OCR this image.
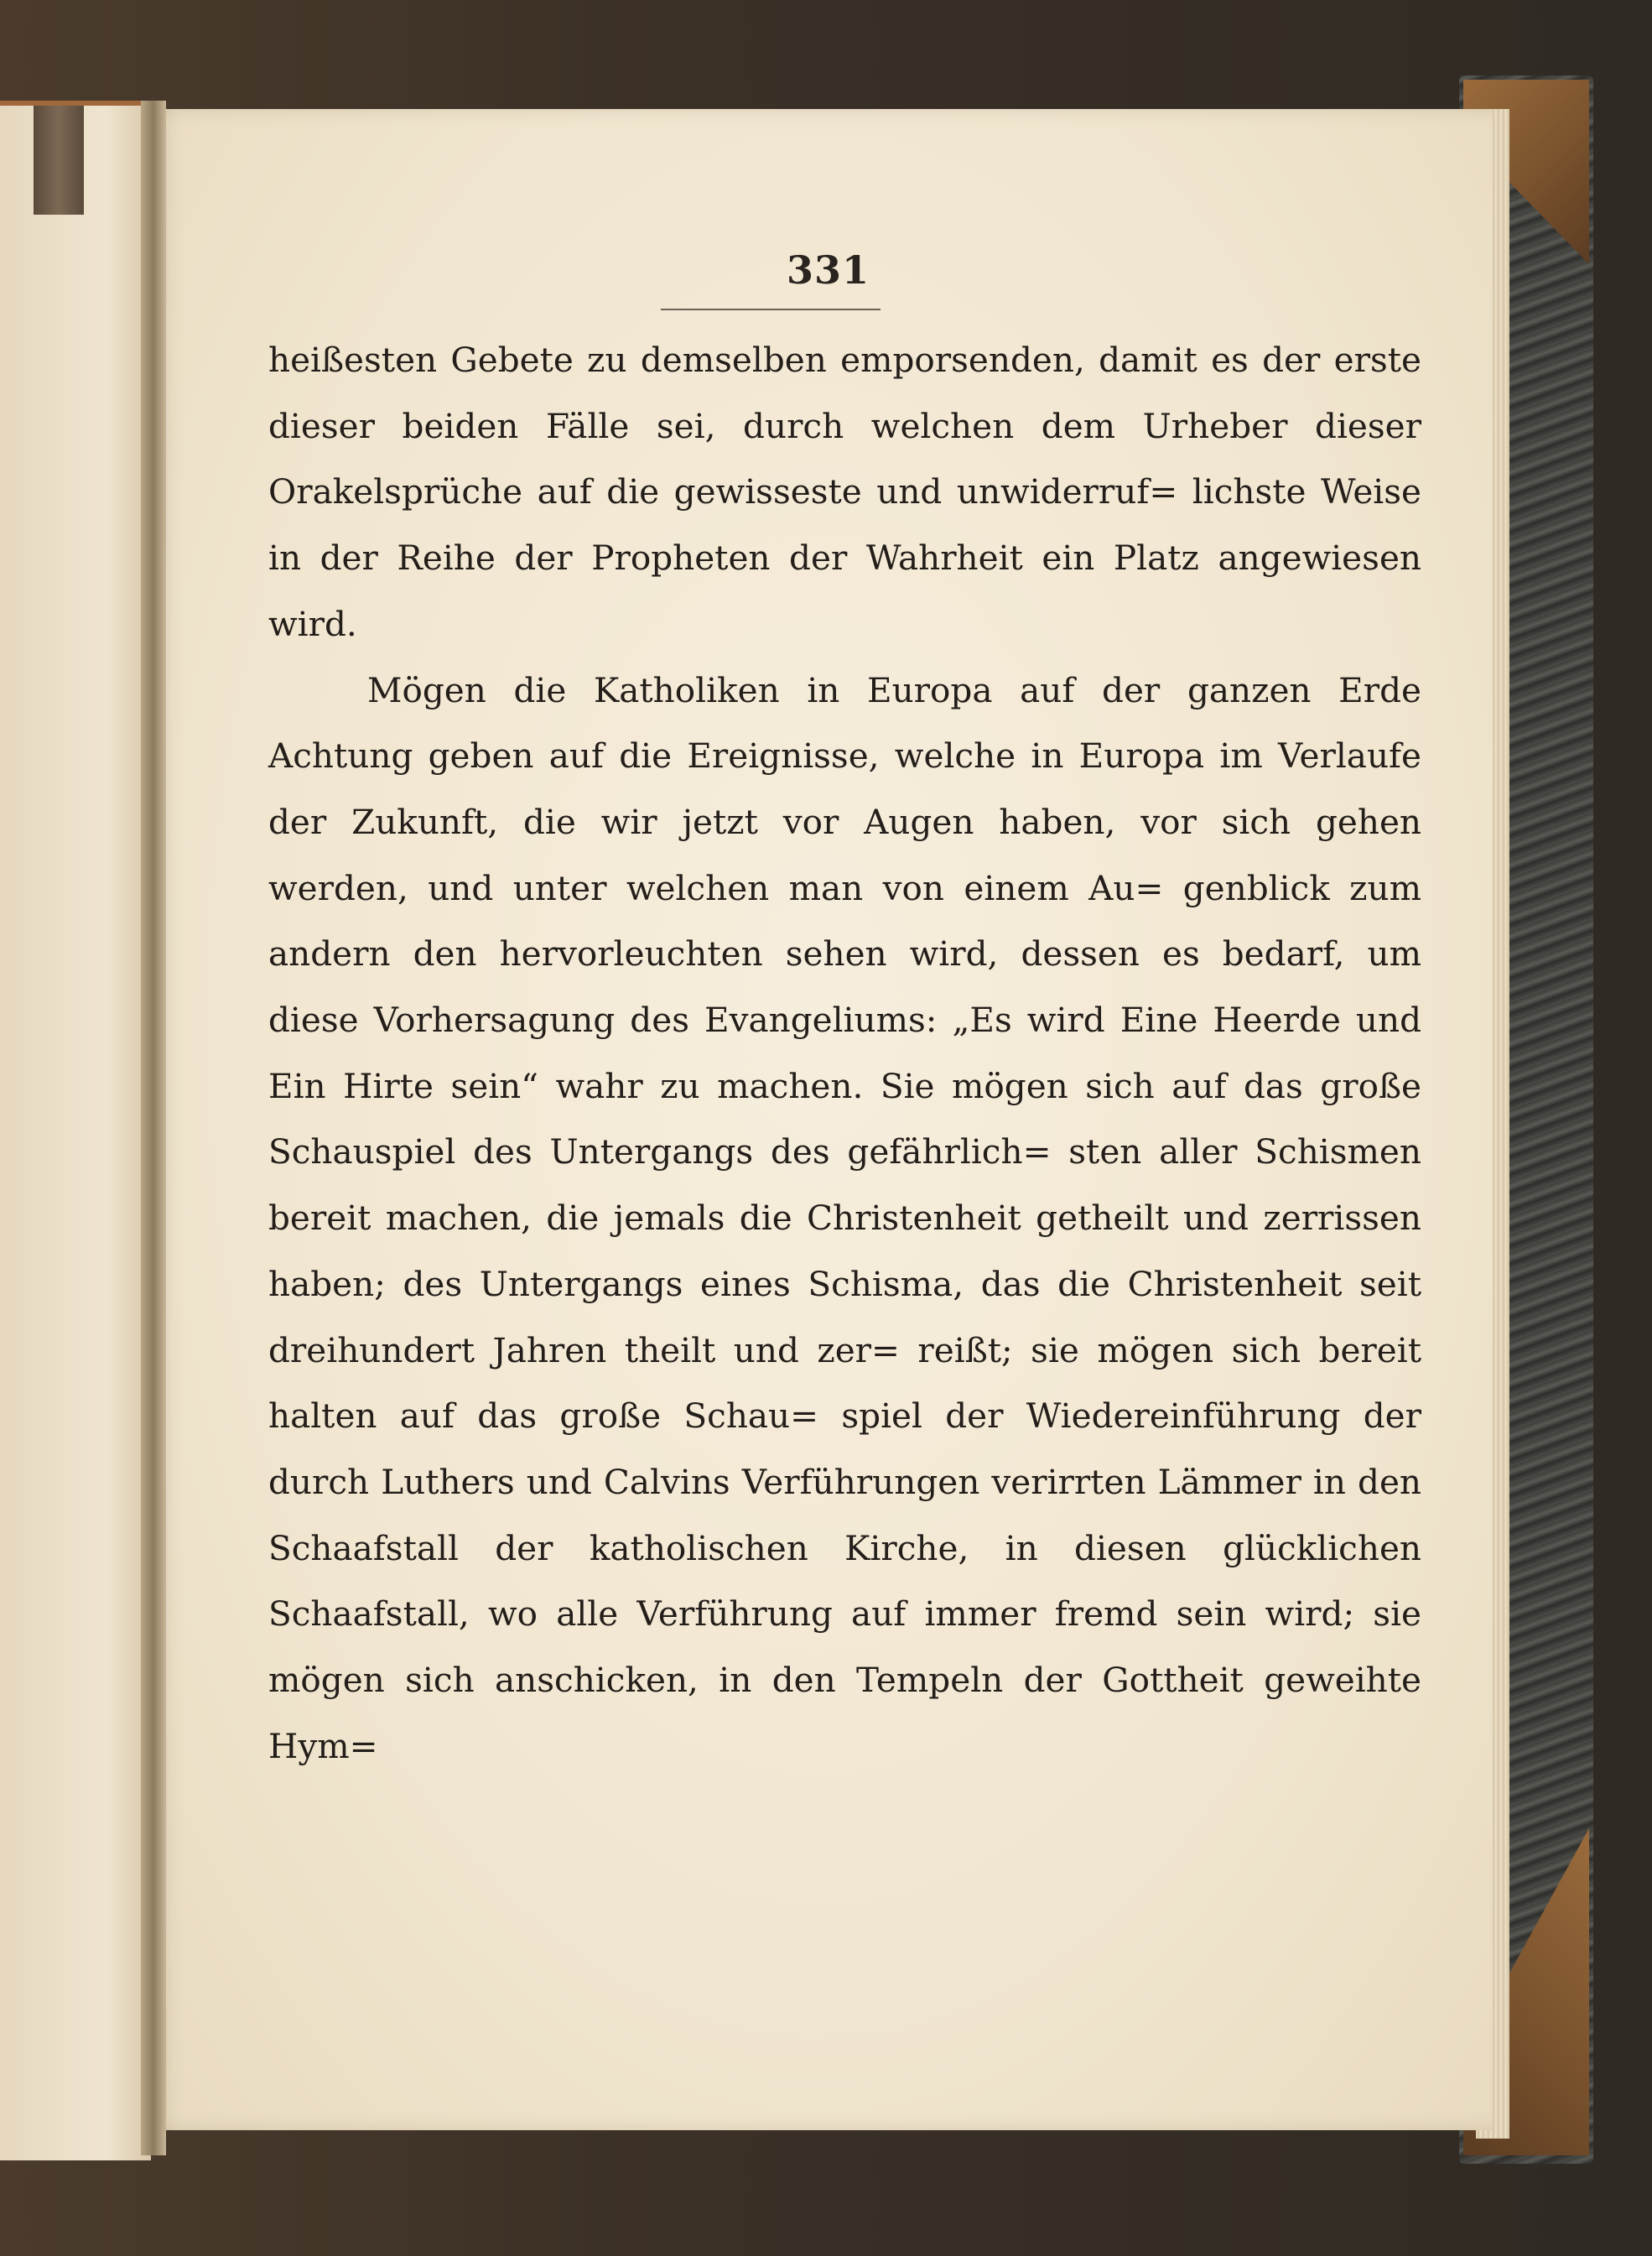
331

heißesten Gebete zu demselben emporsenden, damit es der erste dieser beiden Fälle sei, durch welchen dem Urheber dieser Orakelsprüche auf die gewisseste und unwiderruf= lichste Weise in der Reihe der Propheten der Wahrheit ein Platz angewiesen wird.

Mögen die Katholiken in Europa auf der ganzen Erde Achtung geben auf die Ereignisse, welche in Europa im Verlaufe der Zukunft, die wir jetzt vor Augen haben, vor sich gehen werden, und unter welchen man von einem Au= genblick zum andern den hervorleuchten sehen wird, dessen es bedarf, um diese Vorhersagung des Evangeliums: „Es wird Eine Heerde und Ein Hirte sein“ wahr zu machen. Sie mögen sich auf das große Schauspiel des Untergangs des gefährlich= sten aller Schismen bereit machen, die jemals die Christenheit getheilt und zerrissen haben; des Untergangs eines Schisma, das die Christenheit seit dreihundert Jahren theilt und zer= reißt; sie mögen sich bereit halten auf das große Schau= spiel der Wiedereinführung der durch Luthers und Calvins Verführungen verirrten Lämmer in den Schaafstall der katholischen Kirche, in diesen glücklichen Schaafstall, wo alle Verführung auf immer fremd sein wird; sie mögen sich anschicken, in den Tempeln der Gottheit geweihte Hym=
